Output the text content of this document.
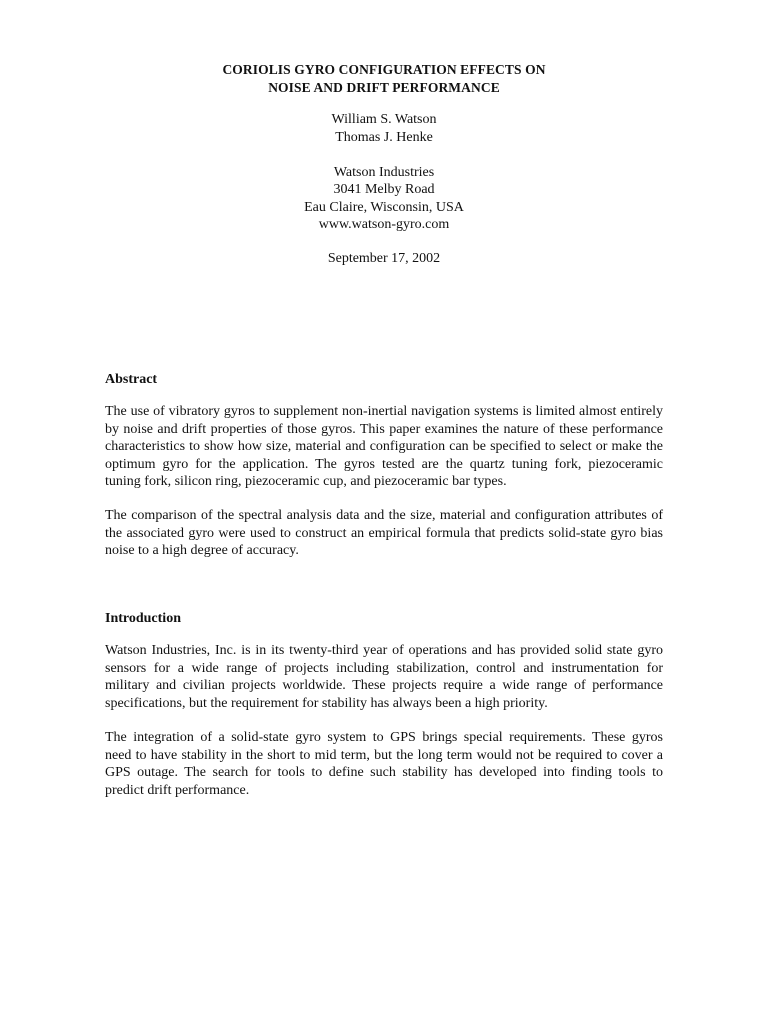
CORIOLIS GYRO CONFIGURATION EFFECTS ON
NOISE AND DRIFT PERFORMANCE
William S. Watson
Thomas J. Henke
Watson Industries
3041 Melby Road
Eau Claire, Wisconsin, USA
www.watson-gyro.com
September 17, 2002
Abstract
The use of vibratory gyros to supplement non-inertial navigation systems is limited almost entirely
by noise and drift properties of those gyros. This paper examines the nature of these performance
characteristics to show how size, material and configuration can be specified to select or make the
optimum gyro for the application. The gyros tested are the quartz tuning fork, piezoceramic
tuning fork, silicon ring, piezoceramic cup, and piezoceramic bar types.
The comparison of the spectral analysis data and the size, material and configuration attributes of
the associated gyro were used to construct an empirical formula that predicts solid-state gyro bias
noise to a high degree of accuracy.
Introduction
Watson Industries, Inc. is in its twenty-third year of operations and has provided solid state gyro
sensors for a wide range of projects including stabilization, control and instrumentation for
military and civilian projects worldwide. These projects require a wide range of performance
specifications, but the requirement for stability has always been a high priority.
The integration of a solid-state gyro system to GPS brings special requirements. These gyros
need to have stability in the short to mid term, but the long term would not be required to cover a
GPS outage. The search for tools to define such stability has developed into finding tools to
predict drift performance.
